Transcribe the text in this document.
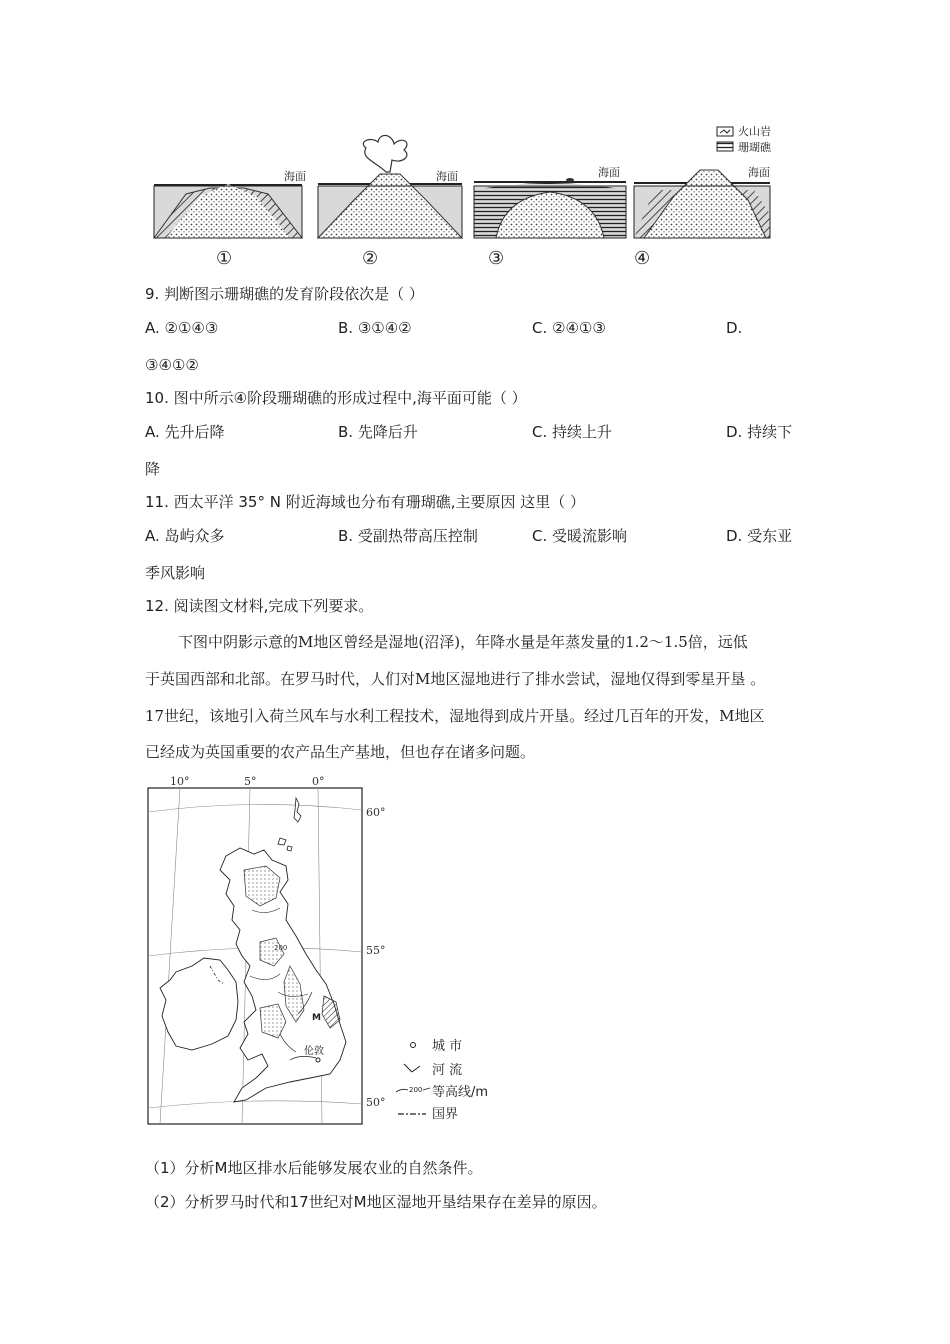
海面	海面	海面	海面
火山岩
珊瑚礁
①	②	③	④
9. 判断图示珊瑚礁的发育阶段依次是（ ）
A. ②①④③	B. ③①④②	C. ②④①③	D.
③④①②
10. 图中所示④阶段珊瑚礁的形成过程中,海平面可能（ ）
A. 先升后降	B. 先降后升	C. 持续上升	D. 持续下
降
11. 西太平洋 35° N 附近海域也分布有珊瑚礁,主要原因 这里（ ）
A. 岛屿众多	B. 受副热带高压控制	C. 受暖流影响	D. 受东亚
季风影响
12. 阅读图文材料,完成下列要求。
下图中阴影示意的M地区曾经是湿地(沼泽)，年降水量是年蒸发量的1.2～1.5倍，远低
于英国西部和北部。在罗马时代，人们对M地区湿地进行了排水尝试，湿地仅得到零星开垦 。
17世纪，该地引入荷兰风车与水利工程技术，湿地得到成片开垦。经过几百年的开发，M地区
已经成为英国重要的农产品生产基地，但也存在诸多问题。
10°	5°	0°
60°
55°
50°
200
M
伦敦	城 市
河 流
200 等高线/m
国界
（1）分析M地区排水后能够发展农业的自然条件。
（2）分析罗马时代和17世纪对M地区湿地开垦结果存在差异的原因。
